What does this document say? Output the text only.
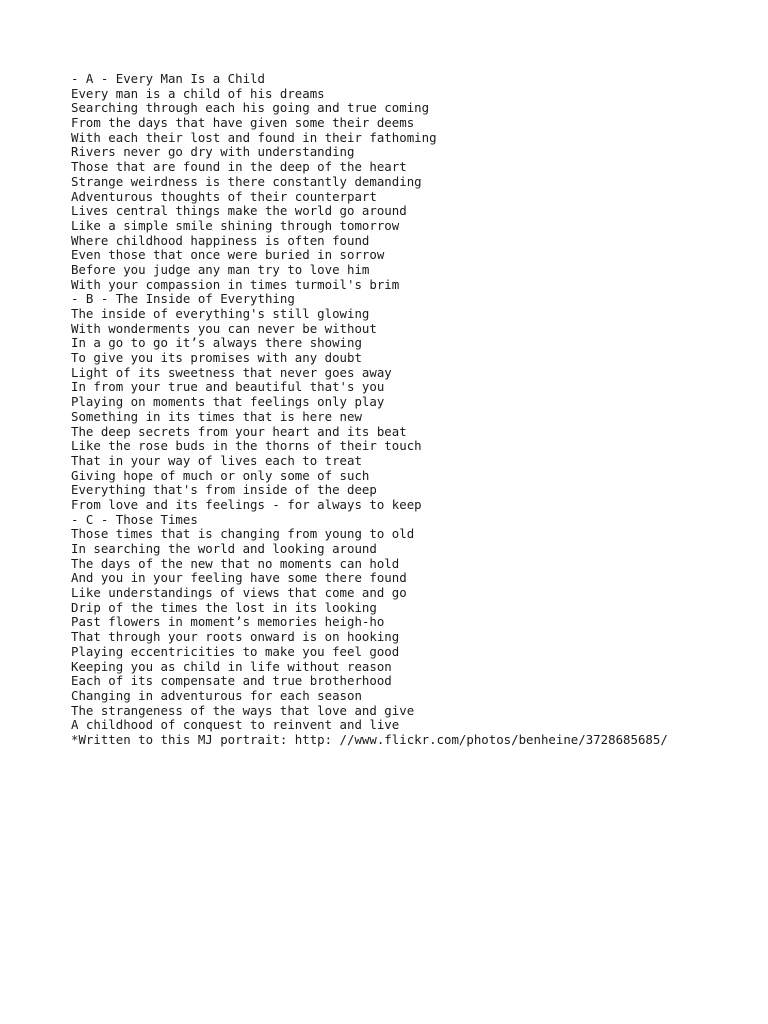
- A - Every Man Is a Child
Every man is a child of his dreams
Searching through each his going and true coming
From the days that have given some their deems
With each their lost and found in their fathoming
Rivers never go dry with understanding
Those that are found in the deep of the heart
Strange weirdness is there constantly demanding
Adventurous thoughts of their counterpart
Lives central things make the world go around
Like a simple smile shining through tomorrow
Where childhood happiness is often found
Even those that once were buried in sorrow
Before you judge any man try to love him
With your compassion in times turmoil's brim
- B - The Inside of Everything
The inside of everything's still glowing
With wonderments you can never be without
In a go to go it’s always there showing
To give you its promises with any doubt
Light of its sweetness that never goes away
In from your true and beautiful that's you
Playing on moments that feelings only play
Something in its times that is here new
The deep secrets from your heart and its beat
Like the rose buds in the thorns of their touch
That in your way of lives each to treat
Giving hope of much or only some of such
Everything that's from inside of the deep
From love and its feelings - for always to keep
- C - Those Times
Those times that is changing from young to old
In searching the world and looking around
The days of the new that no moments can hold
And you in your feeling have some there found
Like understandings of views that come and go
Drip of the times the lost in its looking
Past flowers in moment’s memories heigh-ho
That through your roots onward is on hooking
Playing eccentricities to make you feel good
Keeping you as child in life without reason
Each of its compensate and true brotherhood
Changing in adventurous for each season
The strangeness of the ways that love and give
A childhood of conquest to reinvent and live
*Written to this MJ portrait: http: //www.flickr.com/photos/benheine/3728685685/
